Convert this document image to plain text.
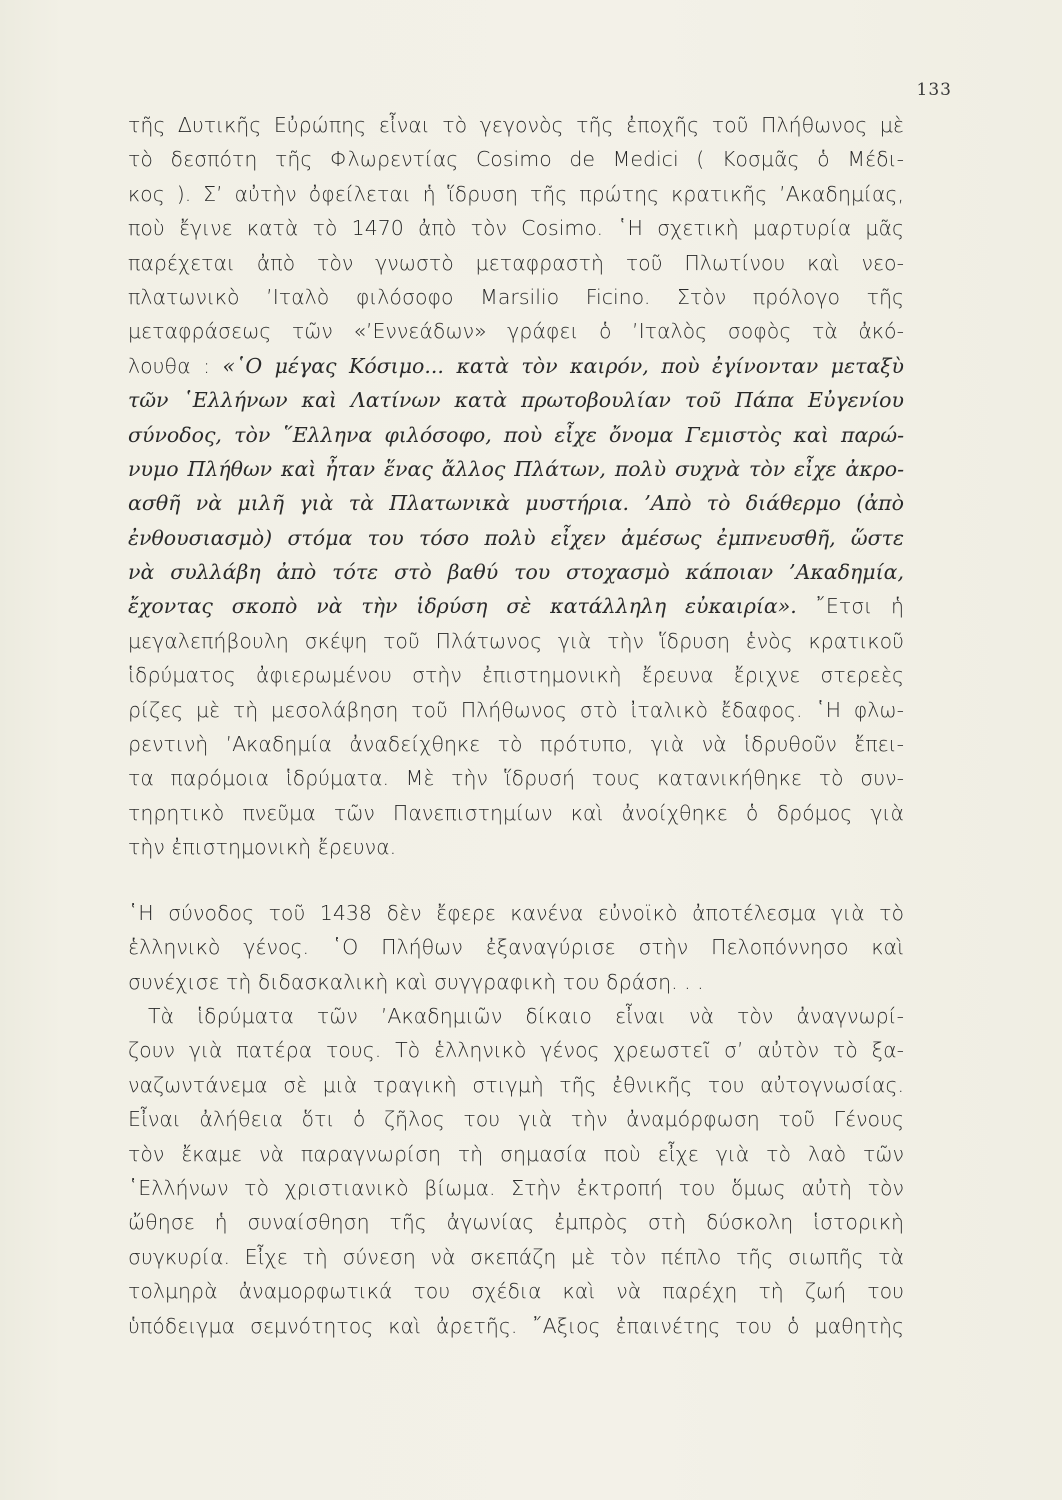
133
τῆς Δυτικῆς Εὐρώπης εἶναι τὸ γεγονὸς τῆς ἐποχῆς τοῦ Πλήθωνος μὲ
τὸ δεσπότη τῆς Φλωρεντίας Cosimo de Medici ( Κοσμᾶς ὁ Μέδι-
κος ). Σ’ αὐτὴν ὀφείλεται ἡ ἵδρυση τῆς πρώτης κρατικῆς ’Ακαδημίας,
ποὺ ἔγινε κατὰ τὸ 1470 ἀπὸ τὸν Cosimo. ῾Η σχετικὴ μαρτυρία μᾶς
παρέχεται ἀπὸ τὸν γνωστὸ μεταφραστὴ τοῦ Πλωτίνου καὶ νεο-
πλατωνικὸ ’Ιταλὸ φιλόσοφο Marsilio Ficino. Στὸν πρόλογο τῆς
μεταφράσεως τῶν «’Εννεάδων» γράφει ὁ ’Ιταλὸς σοφὸς τὰ ἀκό-
λουθα : «῾Ο μέγας Κόσιμο... κατὰ τὸν καιρόν, ποὺ ἐγίνονταν μεταξὺ
τῶν ῾Ελλήνων καὶ Λατίνων κατὰ πρωτοβουλίαν τοῦ Πάπα Εὐγενίου
σύνοδος, τὸν ῞Ελληνα φιλόσοφο, ποὺ εἶχε ὄνομα Γεμιστὸς καὶ παρώ-
νυμο Πλήθων καὶ ἦταν ἕνας ἄλλος Πλάτων, πολὺ συχνὰ τὸν εἶχε ἀκρο-
ασθῆ νὰ μιλῆ γιὰ τὰ Πλατωνικὰ μυστήρια. ’Απὸ τὸ διάθερμο (ἀπὸ
ἐνθουσιασμὸ) στόμα του τόσο πολὺ εἶχεν ἀμέσως ἐμπνευσθῆ, ὥστε
νὰ συλλάβη ἀπὸ τότε στὸ βαθύ του στοχασμὸ κάποιαν ’Ακαδημία,
ἔχοντας σκοπὸ νὰ τὴν ἱδρύση σὲ κατάλληλη εὐκαιρία». ῎Ετσι ἡ
μεγαλεπήβουλη σκέψη τοῦ Πλάτωνος γιὰ τὴν ἵδρυση ἑνὸς κρατικοῦ
ἱδρύματος ἀφιερωμένου στὴν ἐπιστημονικὴ ἔρευνα ἔριχνε στερεὲς
ρίζες μὲ τὴ μεσολάβηση τοῦ Πλήθωνος στὸ ἰταλικὸ ἔδαφος. ῾Η φλω-
ρεντινὴ ’Ακαδημία ἀναδείχθηκε τὸ πρότυπο, γιὰ νὰ ἱδρυθοῦν ἔπει-
τα παρόμοια ἱδρύματα. Μὲ τὴν ἵδρυσή τους κατανικήθηκε τὸ συν-
τηρητικὸ πνεῦμα τῶν Πανεπιστημίων καὶ ἀνοίχθηκε ὁ δρόμος γιὰ
τὴν ἐπιστημονικὴ ἔρευνα.
῾Η σύνοδος τοῦ 1438 δὲν ἔφερε κανένα εὐνοϊκὸ ἀποτέλεσμα γιὰ τὸ
ἑλληνικὸ γένος. ῾Ο Πλήθων ἐξαναγύρισε στὴν Πελοπόννησο καὶ
συνέχισε τὴ διδασκαλικὴ καὶ συγγραφικὴ του δράση. . .
Τὰ ἱδρύματα τῶν ’Ακαδημιῶν δίκαιο εἶναι νὰ τὸν ἀναγνωρί-
ζουν γιὰ πατέρα τους. Τὸ ἑλληνικὸ γένος χρεωστεῖ σ’ αὐτὸν τὸ ξα-
ναζωντάνεμα σὲ μιὰ τραγικὴ στιγμὴ τῆς ἐθνικῆς του αὐτογνωσίας.
Εἶναι ἀλήθεια ὅτι ὁ ζῆλος του γιὰ τὴν ἀναμόρφωση τοῦ Γένους
τὸν ἔκαμε νὰ παραγνωρίση τὴ σημασία ποὺ εἶχε γιὰ τὸ λαὸ τῶν
῾Ελλήνων τὸ χριστιανικὸ βίωμα. Στὴν ἐκτροπή του ὅμως αὐτὴ τὸν
ὤθησε ἡ συναίσθηση τῆς ἀγωνίας ἐμπρὸς στὴ δύσκολη ἱστορικὴ
συγκυρία. Εἶχε τὴ σύνεση νὰ σκεπάζη μὲ τὸν πέπλο τῆς σιωπῆς τὰ
τολμηρὰ ἀναμορφωτικά του σχέδια καὶ νὰ παρέχη τὴ ζωή του
ὑπόδειγμα σεμνότητος καὶ ἀρετῆς. ῎Αξιος ἐπαινέτης του ὁ μαθητὴς
